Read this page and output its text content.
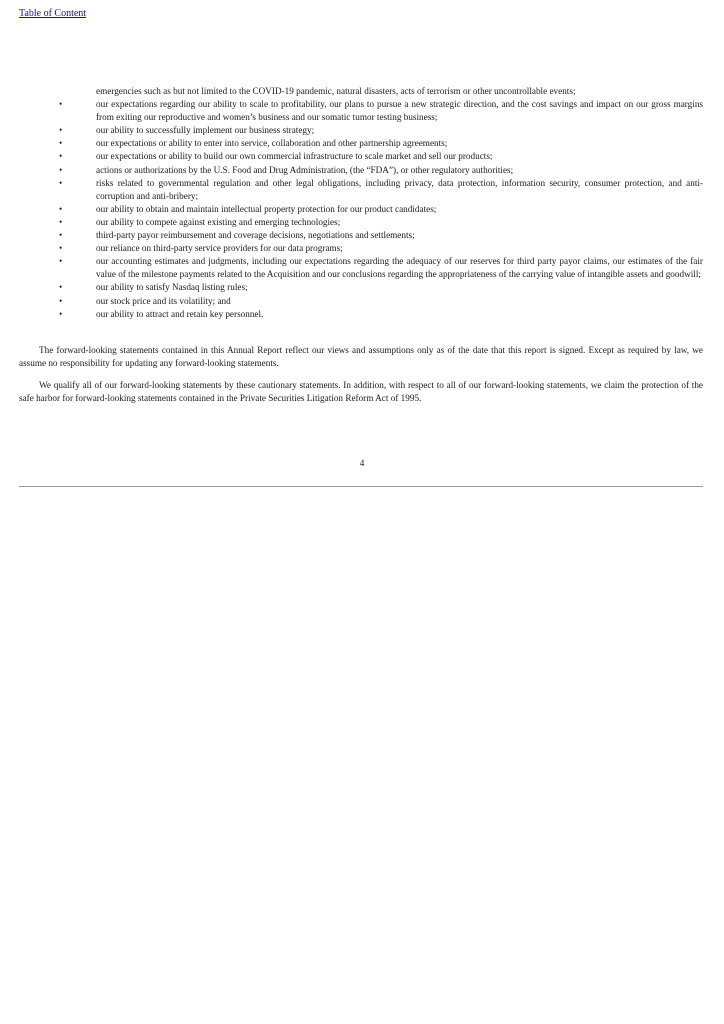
Table of Content
emergencies such as but not limited to the COVID-19 pandemic, natural disasters, acts of terrorism or other uncontrollable events;
•	our expectations regarding our ability to scale to profitability, our plans to pursue a new strategic direction, and the cost savings and impact on our gross margins from exiting our reproductive and women’s business and our somatic tumor testing business;
•	our ability to successfully implement our business strategy;
•	our expectations or ability to enter into service, collaboration and other partnership agreements;
•	our expectations or ability to build our own commercial infrastructure to scale market and sell our products;
•	actions or authorizations by the U.S. Food and Drug Administration, (the “FDA”), or other regulatory authorities;
•	risks related to governmental regulation and other legal obligations, including privacy, data protection, information security, consumer protection, and anti-corruption and anti-bribery;
•	our ability to obtain and maintain intellectual property protection for our product candidates;
•	our ability to compete against existing and emerging technologies;
•	third-party payor reimbursement and coverage decisions, negotiations and settlements;
•	our reliance on third-party service providers for our data programs;
•	our accounting estimates and judgments, including our expectations regarding the adequacy of our reserves for third party payor claims, our estimates of the fair value of the milestone payments related to the Acquisition and our conclusions regarding the appropriateness of the carrying value of intangible assets and goodwill;
•	our ability to satisfy Nasdaq listing rules;
•	our stock price and its volatility; and
•	our ability to attract and retain key personnel.

The forward-looking statements contained in this Annual Report reflect our views and assumptions only as of the date that this report is signed. Except as required by law, we assume no responsibility for updating any forward-looking statements.

We qualify all of our forward-looking statements by these cautionary statements. In addition, with respect to all of our forward-looking statements, we claim the protection of the safe harbor for forward-looking statements contained in the Private Securities Litigation Reform Act of 1995.

4
